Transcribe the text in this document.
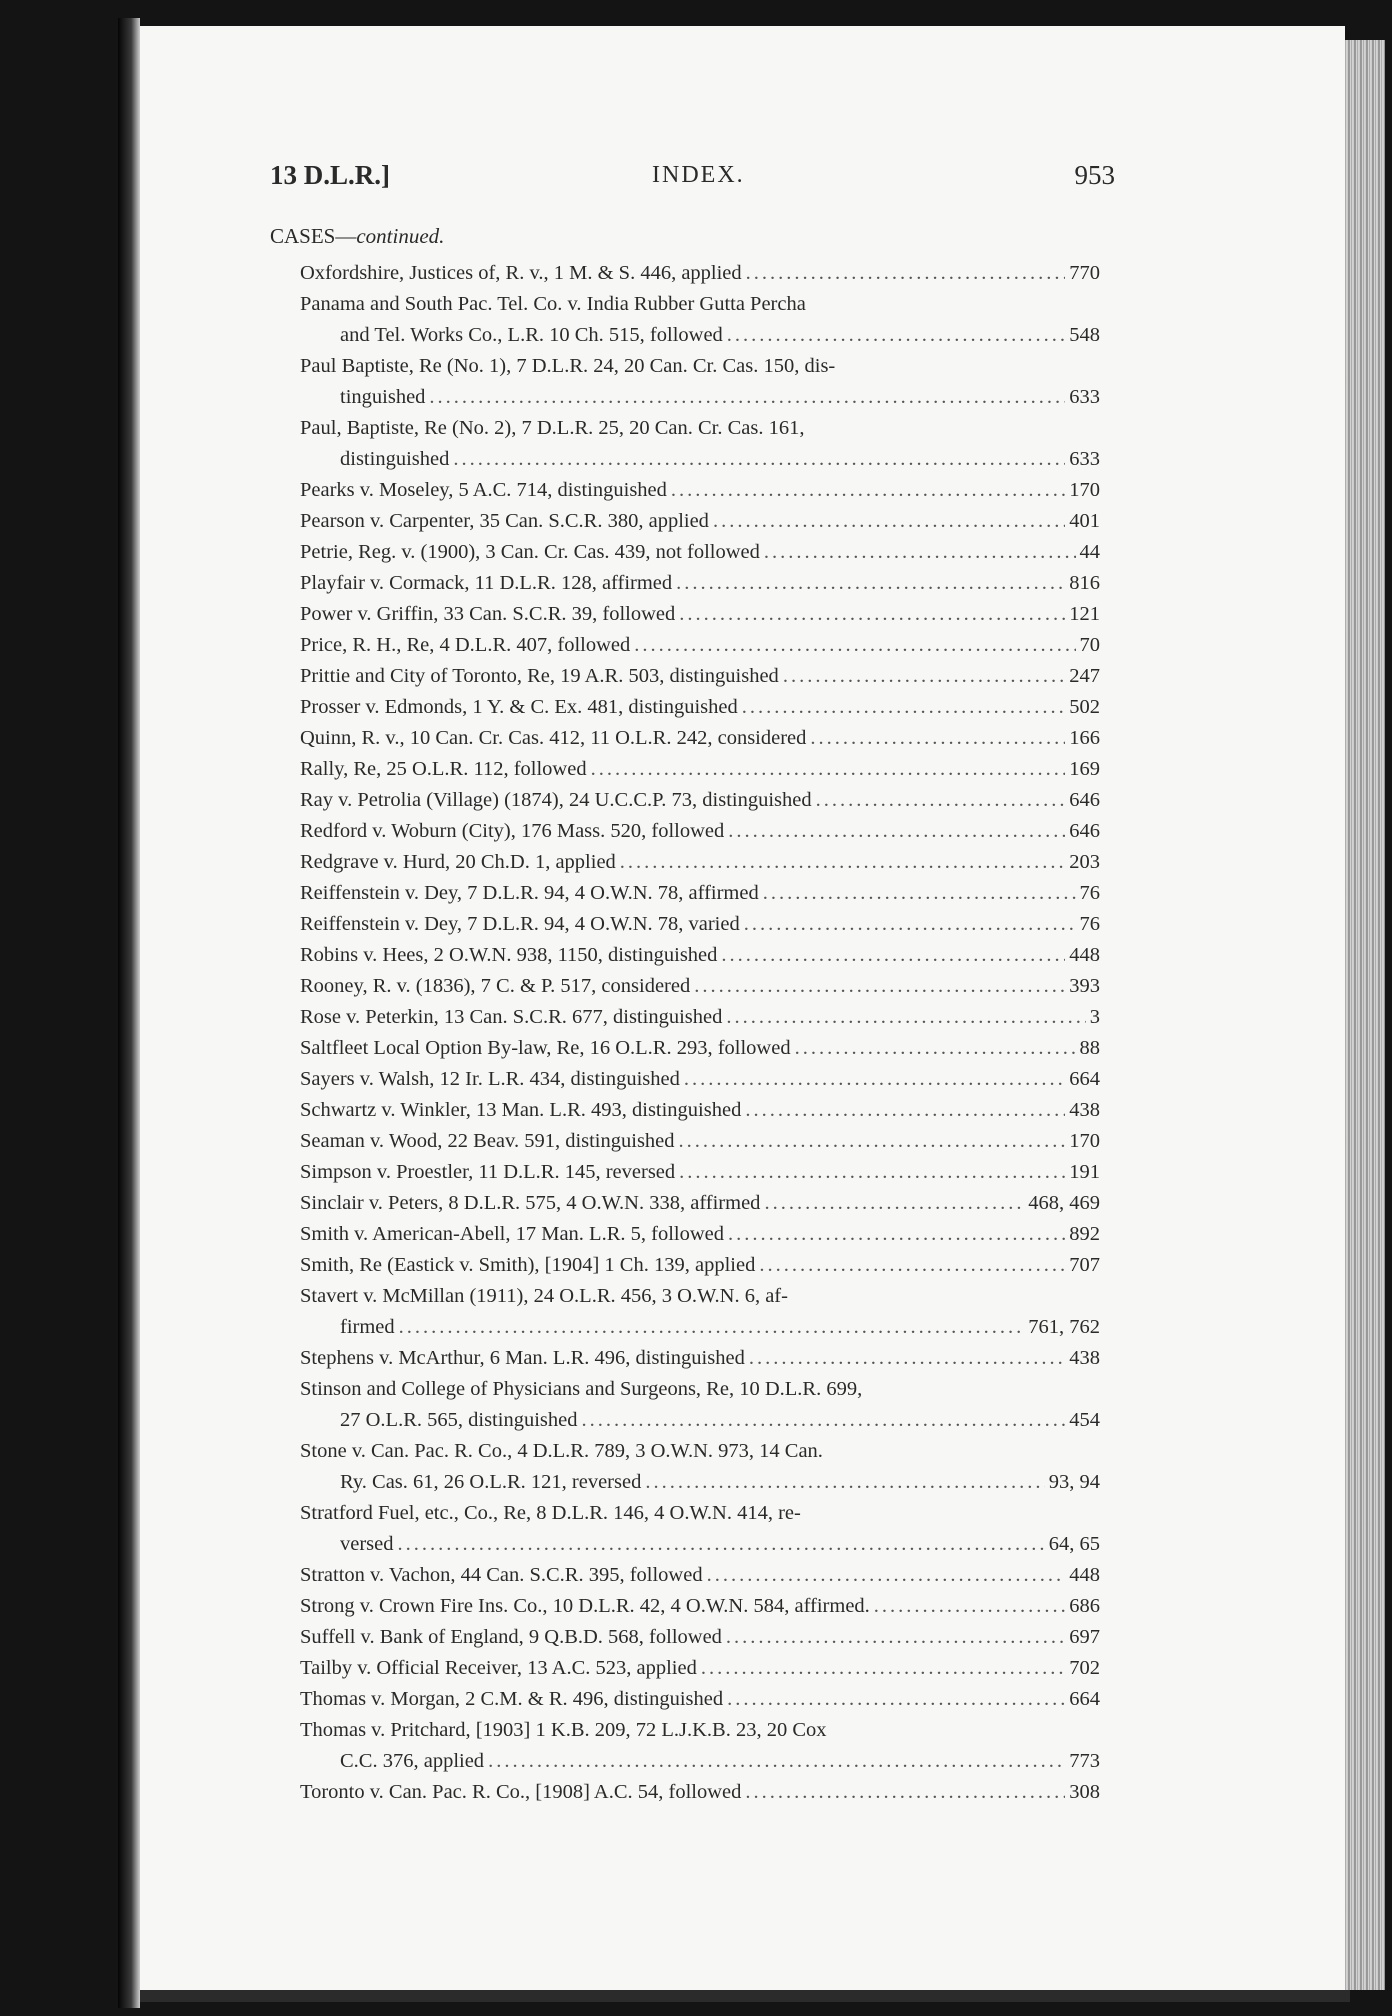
13 D.L.R.]	INDEX.	953
CASES—continued.
Oxfordshire, Justices of, R. v., 1 M. & S. 446, applied .....	770
Panama and South Pac. Tel. Co. v. India Rubber Gutta Percha
and Tel. Works Co., L.R. 10 Ch. 515, followed .....	548
Paul Baptiste, Re (No. 1), 7 D.L.R. 24, 20 Can. Cr. Cas. 150, dis-
tinguished .....	633
Paul, Baptiste, Re (No. 2), 7 D.L.R. 25, 20 Can. Cr. Cas. 161,
distinguished .....	633
Pearks v. Moseley, 5 A.C. 714, distinguished .....	170
Pearson v. Carpenter, 35 Can. S.C.R. 380, applied .....	401
Petrie, Reg. v. (1900), 3 Can. Cr. Cas. 439, not followed .....	44
Playfair v. Cormack, 11 D.L.R. 128, affirmed .....	816
Power v. Griffin, 33 Can. S.C.R. 39, followed .....	121
Price, R. H., Re, 4 D.L.R. 407, followed .....	70
Prittie and City of Toronto, Re, 19 A.R. 503, distinguished .....	247
Prosser v. Edmonds, 1 Y. & C. Ex. 481, distinguished .....	502
Quinn, R. v., 10 Can. Cr. Cas. 412, 11 O.L.R. 242, considered .....	166
Rally, Re, 25 O.L.R. 112, followed .....	169
Ray v. Petrolia (Village) (1874), 24 U.C.C.P. 73, distinguished .....	646
Redford v. Woburn (City), 176 Mass. 520, followed .....	646
Redgrave v. Hurd, 20 Ch.D. 1, applied .....	203
Reiffenstein v. Dey, 7 D.L.R. 94, 4 O.W.N. 78, affirmed .....	76
Reiffenstein v. Dey, 7 D.L.R. 94, 4 O.W.N. 78, varied .....	76
Robins v. Hees, 2 O.W.N. 938, 1150, distinguished .....	448
Rooney, R. v. (1836), 7 C. & P. 517, considered .....	393
Rose v. Peterkin, 13 Can. S.C.R. 677, distinguished .....	3
Saltfleet Local Option By-law, Re, 16 O.L.R. 293, followed .....	88
Sayers v. Walsh, 12 Ir. L.R. 434, distinguished .....	664
Schwartz v. Winkler, 13 Man. L.R. 493, distinguished .....	438
Seaman v. Wood, 22 Beav. 591, distinguished .....	170
Simpson v. Proestler, 11 D.L.R. 145, reversed .....	191
Sinclair v. Peters, 8 D.L.R. 575, 4 O.W.N. 338, affirmed .....	468, 469
Smith v. American-Abell, 17 Man. L.R. 5, followed .....	892
Smith, Re (Eastick v. Smith), [1904] 1 Ch. 139, applied .....	707
Stavert v. McMillan (1911), 24 O.L.R. 456, 3 O.W.N. 6, af-
firmed .....	761, 762
Stephens v. McArthur, 6 Man. L.R. 496, distinguished .....	438
Stinson and College of Physicians and Surgeons, Re, 10 D.L.R. 699,
27 O.L.R. 565, distinguished .....	454
Stone v. Can. Pac. R. Co., 4 D.L.R. 789, 3 O.W.N. 973, 14 Can.
Ry. Cas. 61, 26 O.L.R. 121, reversed .....	93, 94
Stratford Fuel, etc., Co., Re, 8 D.L.R. 146, 4 O.W.N. 414, re-
versed .....	64, 65
Stratton v. Vachon, 44 Can. S.C.R. 395, followed .....	448
Strong v. Crown Fire Ins. Co., 10 D.L.R. 42, 4 O.W.N. 584, affirmed. .....	686
Suffell v. Bank of England, 9 Q.B.D. 568, followed .....	697
Tailby v. Official Receiver, 13 A.C. 523, applied .....	702
Thomas v. Morgan, 2 C.M. & R. 496, distinguished .....	664
Thomas v. Pritchard, [1903] 1 K.B. 209, 72 L.J.K.B. 23, 20 Cox
C.C. 376, applied .....	773
Toronto v. Can. Pac. R. Co., [1908] A.C. 54, followed .....	308
